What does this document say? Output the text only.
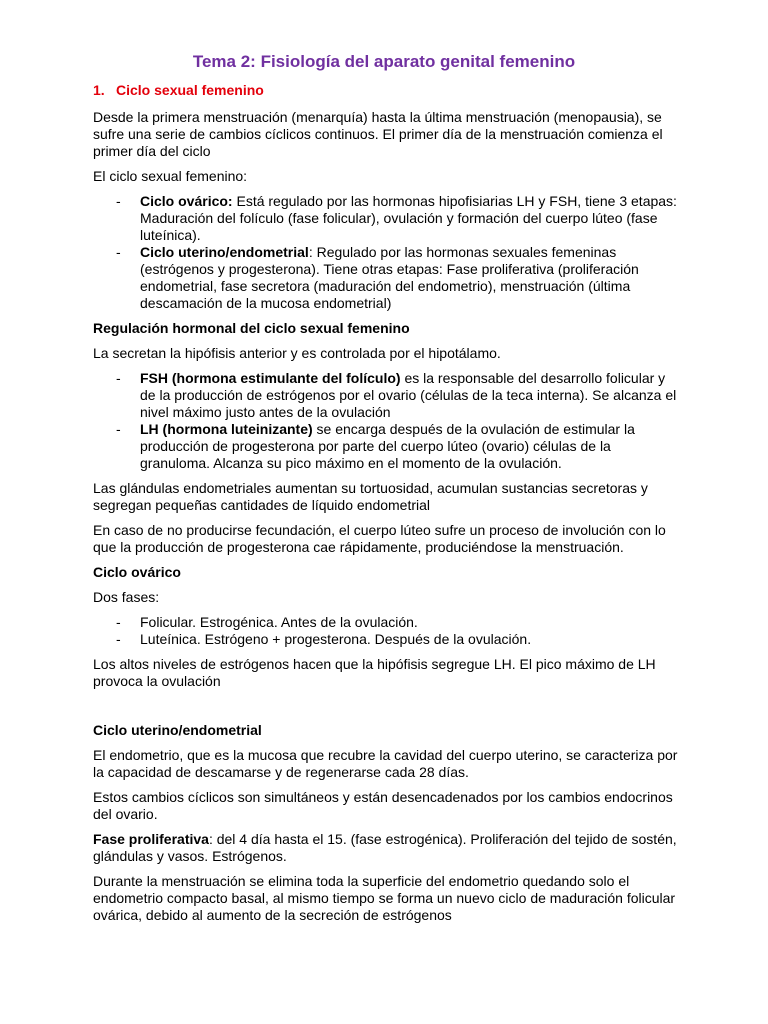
Tema 2: Fisiología del aparato genital femenino
1. Ciclo sexual femenino

Desde la primera menstruación (menarquía) hasta la última menstruación (menopausia), se sufre una serie de cambios cíclicos continuos. El primer día de la menstruación comienza el primer día del ciclo

El ciclo sexual femenino:

- Ciclo ovárico: Está regulado por las hormonas hipofisiarias LH y FSH, tiene 3 etapas: Maduración del folículo (fase folicular), ovulación y formación del cuerpo lúteo (fase luteínica).
- Ciclo uterino/endometrial: Regulado por las hormonas sexuales femeninas (estrógenos y progesterona). Tiene otras etapas: Fase proliferativa (proliferación endometrial, fase secretora (maduración del endometrio), menstruación (última descamación de la mucosa endometrial)
Regulación hormonal del ciclo sexual femenino

La secretan la hipófisis anterior y es controlada por el hipotálamo.

- FSH (hormona estimulante del folículo) es la responsable del desarrollo folicular y de la producción de estrógenos por el ovario (células de la teca interna). Se alcanza el nivel máximo justo antes de la ovulación
- LH (hormona luteinizante) se encarga después de la ovulación de estimular la producción de progesterona por parte del cuerpo lúteo (ovario) células de la granuloma. Alcanza su pico máximo en el momento de la ovulación.

Las glándulas endometriales aumentan su tortuosidad, acumulan sustancias secretoras y segregan pequeñas cantidades de líquido endometrial

En caso de no producirse fecundación, el cuerpo lúteo sufre un proceso de involución con lo que la producción de progesterona cae rápidamente, produciéndose la menstruación.

Ciclo ovárico

Dos fases:

- Folicular. Estrogénica. Antes de la ovulación.
- Luteínica. Estrógeno + progesterona. Después de la ovulación.

Los altos niveles de estrógenos hacen que la hipófisis segregue LH. El pico máximo de LH provoca la ovulación

Ciclo uterino/endometrial

El endometrio, que es la mucosa que recubre la cavidad del cuerpo uterino, se caracteriza por la capacidad de descamarse y de regenerarse cada 28 días.

Estos cambios cíclicos son simultáneos y están desencadenados por los cambios endocrinos del ovario.

Fase proliferativa: del 4 día hasta el 15. (fase estrogénica). Proliferación del tejido de sostén, glándulas y vasos. Estrógenos.

Durante la menstruación se elimina toda la superficie del endometrio quedando solo el endometrio compacto basal, al mismo tiempo se forma un nuevo ciclo de maduración folicular ovárica, debido al aumento de la secreción de estrógenos
